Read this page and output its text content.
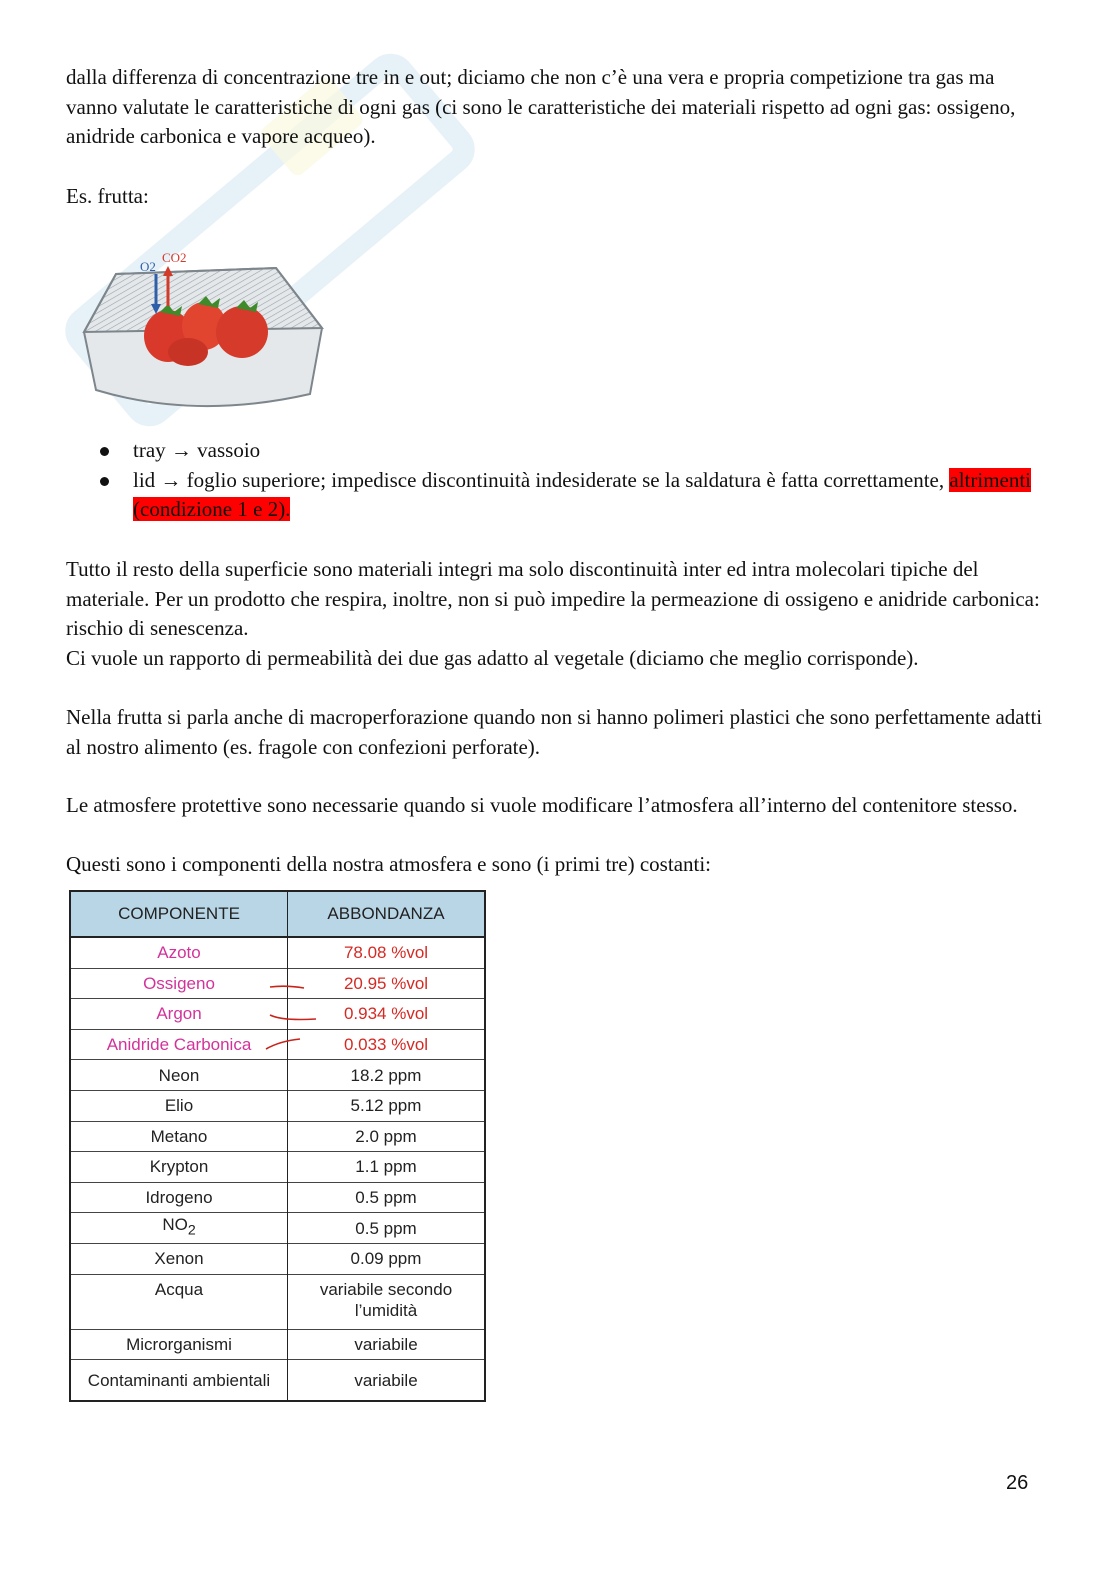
dalla differenza di concentrazione tre in e out; diciamo che non c’è una vera e propria competizione tra gas ma vanno valutate le caratteristiche di ogni gas (ci sono le caratteristiche dei materiali rispetto ad ogni gas: ossigeno, anidride carbonica e vapore acqueo).

Es. frutta:

O2
CO2
tray → vassoio
lid → foglio superiore; impedisce discontinuità indesiderate se la saldatura è fatta correttamente, altrimenti (condizione 1 e 2).

Tutto il resto della superficie sono materiali integri ma solo discontinuità inter ed intra molecolari tipiche del materiale. Per un prodotto che respira, inoltre, non si può impedire la permeazione di ossigeno e anidride carbonica: rischio di senescenza.

Ci vuole un rapporto di permeabilità dei due gas adatto al vegetale (diciamo che meglio corrisponde).

Nella frutta si parla anche di macroperforazione quando non si hanno polimeri plastici che sono perfettamente adatti al nostro alimento (es. fragole con confezioni perforate).

Le atmosfere protettive sono necessarie quando si vuole modificare l’atmosfera all’interno del contenitore stesso.

Questi sono i componenti della nostra atmosfera e sono (i primi tre) costanti:

COMPONENTE	ABBONDANZA
Azoto	78.08 %vol
Ossigeno	20.95 %vol
Argon	0.934 %vol
Anidride Carbonica	0.033 %vol
Neon	18.2 ppm
Elio	5.12 ppm
Metano	2.0 ppm
Krypton	1.1 ppm
Idrogeno	0.5 ppm
$NO_2$	0.5 ppm
Xenon	0.09 ppm
Acqua	variabile secondo
l’umidità
Microrganismi	variabile
Contaminanti ambientali	variabile
26
